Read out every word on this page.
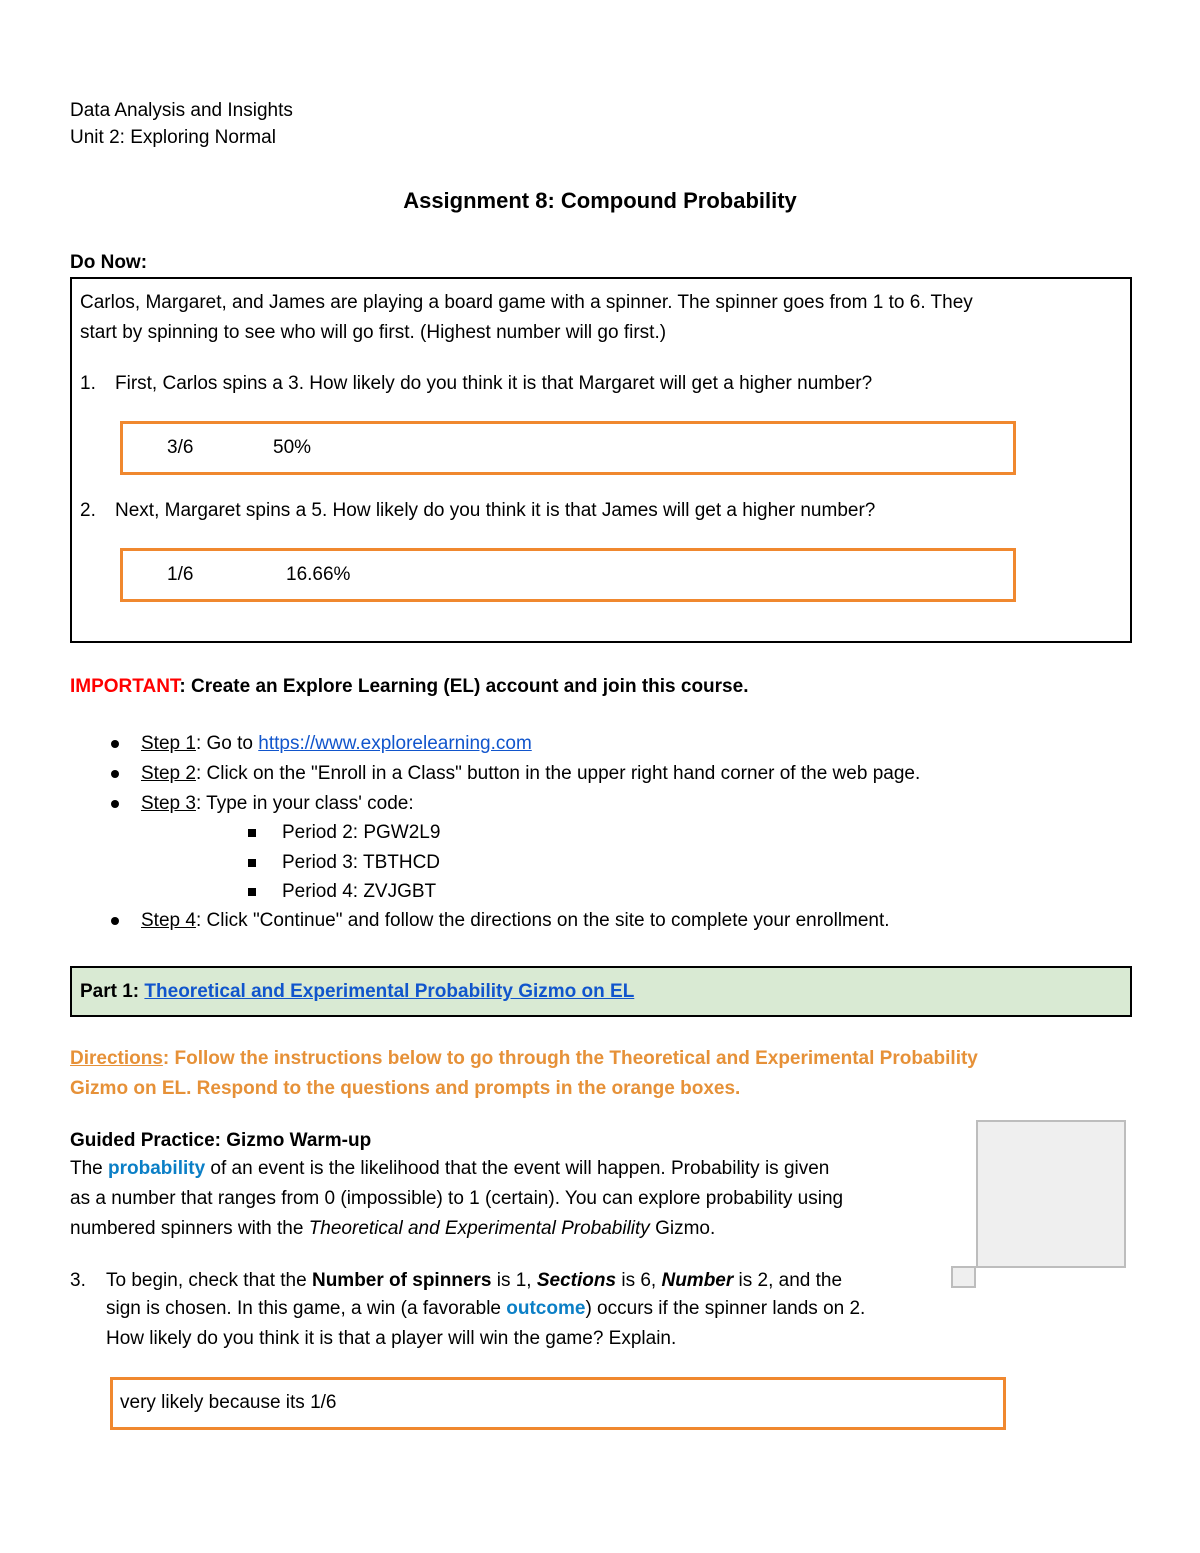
Data Analysis and Insights
Unit 2: Exploring Normal
Assignment 8: Compound Probability
Do Now:
Carlos, Margaret, and James are playing a board game with a spinner. The spinner goes from 1 to 6. They
start by spinning to see who will go first. (Highest number will go first.)
1. First, Carlos spins a 3. How likely do you think it is that Margaret will get a higher number?
3/6	50%
2. Next, Margaret spins a 5. How likely do you think it is that James will get a higher number?
1/6	16.66%
IMPORTANT: Create an Explore Learning (EL) account and join this course.
Step 1: Go to https://www.explorelearning.com
Step 2: Click on the "Enroll in a Class" button in the upper right hand corner of the web page.
Step 3: Type in your class' code:
Period 2: PGW2L9
Period 3: TBTHCD
Period 4: ZVJGBT
Step 4: Click "Continue" and follow the directions on the site to complete your enrollment.
Part 1: Theoretical and Experimental Probability Gizmo on EL
Directions: Follow the instructions below to go through the Theoretical and Experimental Probability
Gizmo on EL. Respond to the questions and prompts in the orange boxes.
Guided Practice: Gizmo Warm-up
The probability of an event is the likelihood that the event will happen. Probability is given
as a number that ranges from 0 (impossible) to 1 (certain). You can explore probability using
numbered spinners with the Theoretical and Experimental Probability Gizmo.
3. To begin, check that the Number of spinners is 1, Sections is 6, Number is 2, and the
sign is chosen. In this game, a win (a favorable outcome) occurs if the spinner lands on 2.
How likely do you think it is that a player will win the game? Explain.
very likely because its 1/6
